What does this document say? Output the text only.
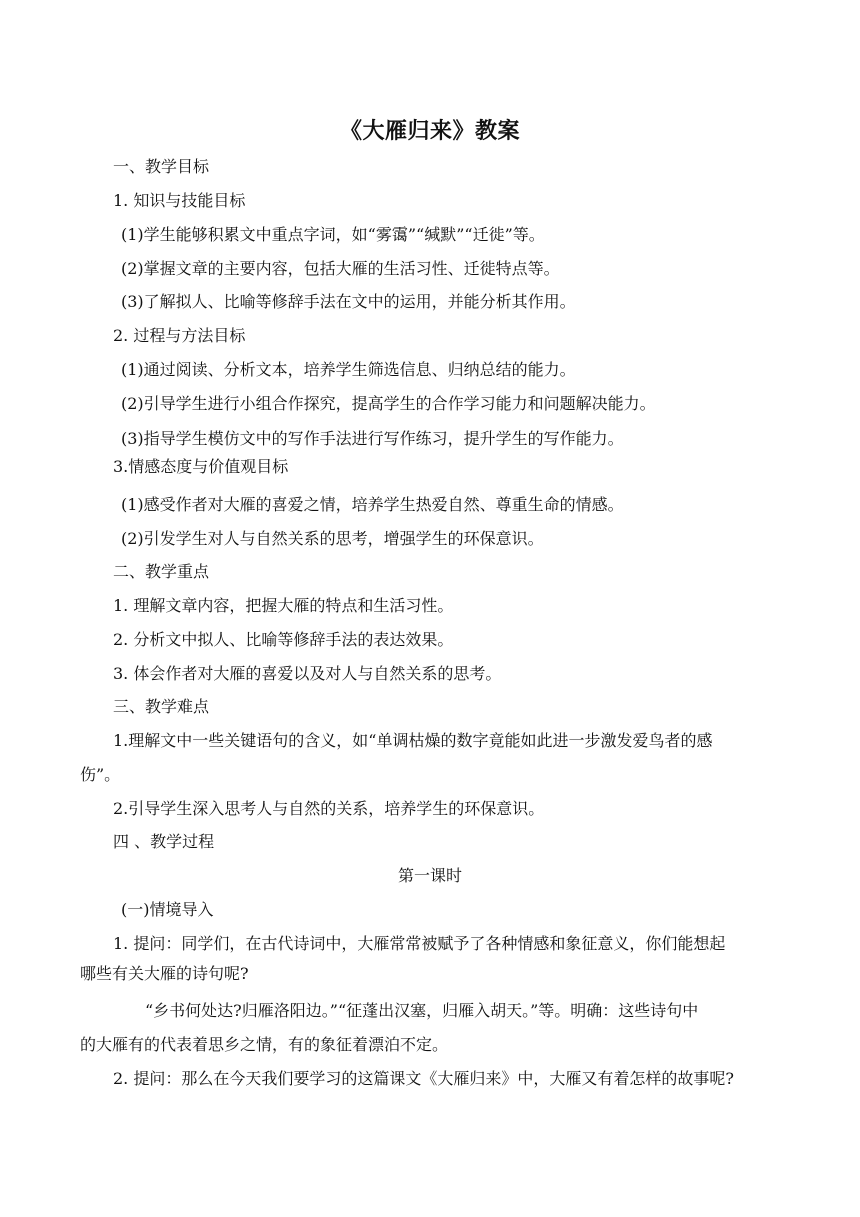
《大雁归来》教案
一、教学目标
1. 知识与技能目标
(1)学生能够积累文中重点字词，如“雾霭”“缄默”“迁徙”等。
(2)掌握文章的主要内容，包括大雁的生活习性、迁徙特点等。
(3)了解拟人、比喻等修辞手法在文中的运用，并能分析其作用。
2. 过程与方法目标
(1)通过阅读、分析文本，培养学生筛选信息、归纳总结的能力。
(2)引导学生进行小组合作探究，提高学生的合作学习能力和问题解决能力。
(3)指导学生模仿文中的写作手法进行写作练习，提升学生的写作能力。
3.情感态度与价值观目标
(1)感受作者对大雁的喜爱之情，培养学生热爱自然、尊重生命的情感。
(2)引发学生对人与自然关系的思考，增强学生的环保意识。
二、教学重点
1. 理解文章内容，把握大雁的特点和生活习性。
2. 分析文中拟人、比喻等修辞手法的表达效果。
3. 体会作者对大雁的喜爱以及对人与自然关系的思考。
三、教学难点
1.理解文中一些关键语句的含义，如“单调枯燥的数字竟能如此进一步激发爱鸟者的感
伤”。
2.引导学生深入思考人与自然的关系，培养学生的环保意识。
四 、教学过程
第一课时
(一)情境导入
1. 提问：同学们，在古代诗词中，大雁常常被赋予了各种情感和象征意义，你们能想起
哪些有关大雁的诗句呢?
“乡书何处达?归雁洛阳边。”“征蓬出汉塞，归雁入胡天。”等。明确：这些诗句中
的大雁有的代表着思乡之情，有的象征着漂泊不定。
2. 提问：那么在今天我们要学习的这篇课文《大雁归来》中，大雁又有着怎样的故事呢?
